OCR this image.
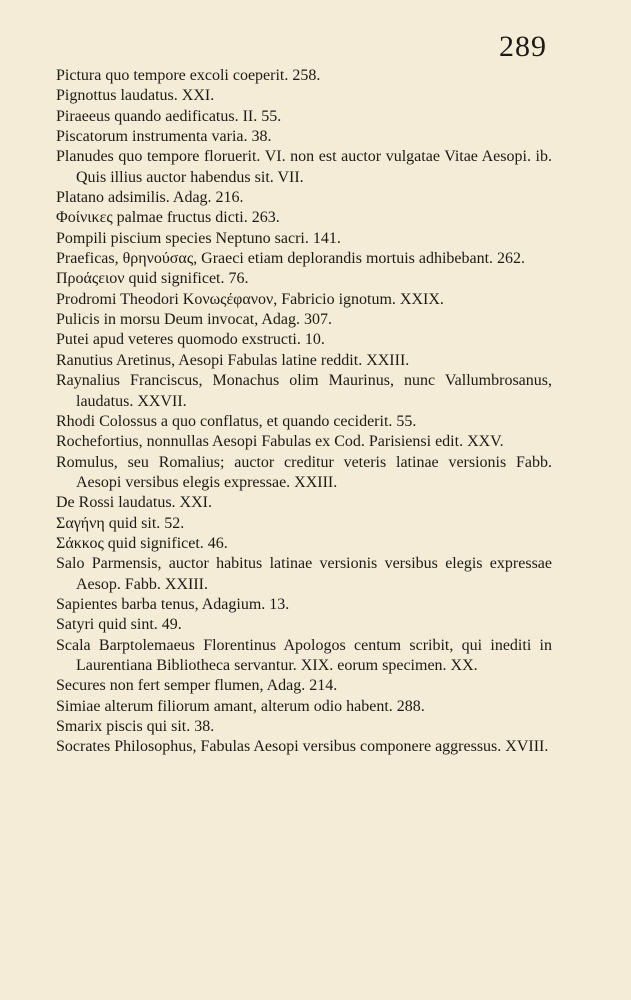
289
Pictura quo tempore excoli coeperit. 258.
Pignottus laudatus. XXI.
Piraeeus quando aedificatus. II. 55.
Piscatorum instrumenta varia. 38.
Planudes quo tempore floruerit. VI. non est auctor vulgatae Vitae Aesopi. ib. Quis illius auctor habendus sit. VII.
Platano adsimilis. Adag. 216.
Φοίνικες palmae fructus dicti. 263.
Pompili piscium species Neptuno sacri. 141.
Praeficas, θρηνούσας, Graeci etiam deplorandis mortuis adhibebant. 262.
Πρoάςειον quid significet. 76.
Prodromi Theodori Κονωςέφανον, Fabricio ignotum. XXIX.
Pulicis in morsu Deum invocat, Adag. 307.
Putei apud veteres quomodo exstructi. 10.
Ranutius Aretinus, Aesopi Fabulas latine reddit. XXIII.
Raynalius Franciscus, Monachus olim Maurinus, nunc Vallumbrosanus, laudatus. XXVII.
Rhodi Colossus a quo conflatus, et quando ceciderit. 55.
Rochefortius, nonnullas Aesopi Fabulas ex Cod. Parisiensi edit. XXV.
Romulus, seu Romalius; auctor creditur veteris latinae versionis Fabb. Aesopi versibus elegis expressae. XXIII.
De Rossi laudatus. XXI.
Σαγήνη quid sit. 52.
Σάκκος quid significet. 46.
Salo Parmensis, auctor habitus latinae versionis versibus elegis expressae Aesop. Fabb. XXIII.
Sapientes barba tenus, Adagium. 13.
Satyri quid sint. 49.
Scala Barptolemaeus Florentinus Apologos centum scribit, qui inediti in Laurentiana Bibliotheca servantur. XIX. eorum specimen. XX.
Secures non fert semper flumen, Adag. 214.
Simiae alterum filiorum amant, alterum odio habent. 288.
Smarix piscis qui sit. 38.
Socrates Philosophus, Fabulas Aesopi versibus componere aggressus. XVIII.
